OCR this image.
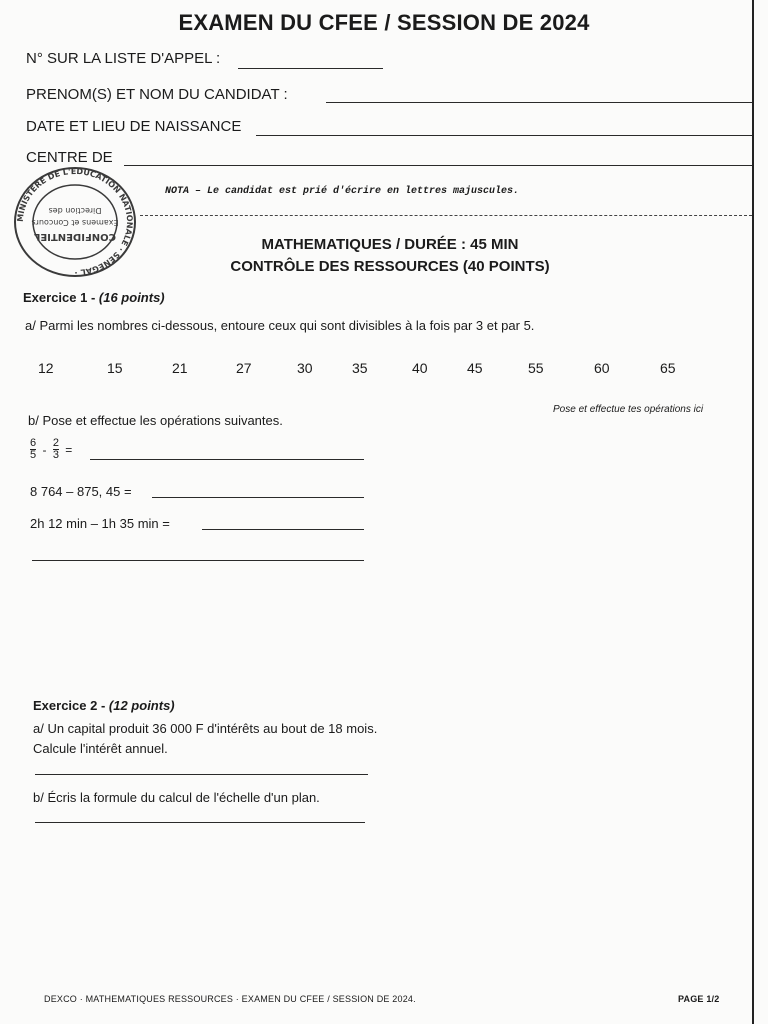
EXAMEN DU CFEE / SESSION DE 2024
N° SUR LA LISTE D'APPEL :
PRENOM(S) ET NOM DU CANDIDAT :
DATE ET LIEU DE NAISSANCE
CENTRE DE
NOTA – Le candidat est prié d'écrire en lettres majuscules.
MINISTERE DE L'EDUCATION NATIONALE · SENEGAL ·
CONFIDENTIEL
Examens et Concours
Direction des
MATHEMATIQUES / DURÉE : 45 MIN
CONTRÔLE DES RESSOURCES (40 POINTS)
Exercice 1 - (16 points)
a/ Parmi les nombres ci-dessous, entoure ceux qui sont divisibles à la fois par 3 et par 5.
12	15	21	27	30	35	40	45	55	60	65
Pose et effectue tes opérations ici
b/ Pose et effectue les opérations suivantes.
$\frac{6}{5} - \frac{2}{3}$ =
8 764 – 875, 45 =
2h 12 min – 1h 35 min =
Exercice 2 - (12 points)
a/ Un capital produit 36 000 F d'intérêts au bout de 18 mois.
Calcule l'intérêt annuel.
b/ Écris la formule du calcul de l'échelle d'un plan.
DEXCO · MATHEMATIQUES RESSOURCES · EXAMEN DU CFEE / SESSION DE 2024.	PAGE 1/2
